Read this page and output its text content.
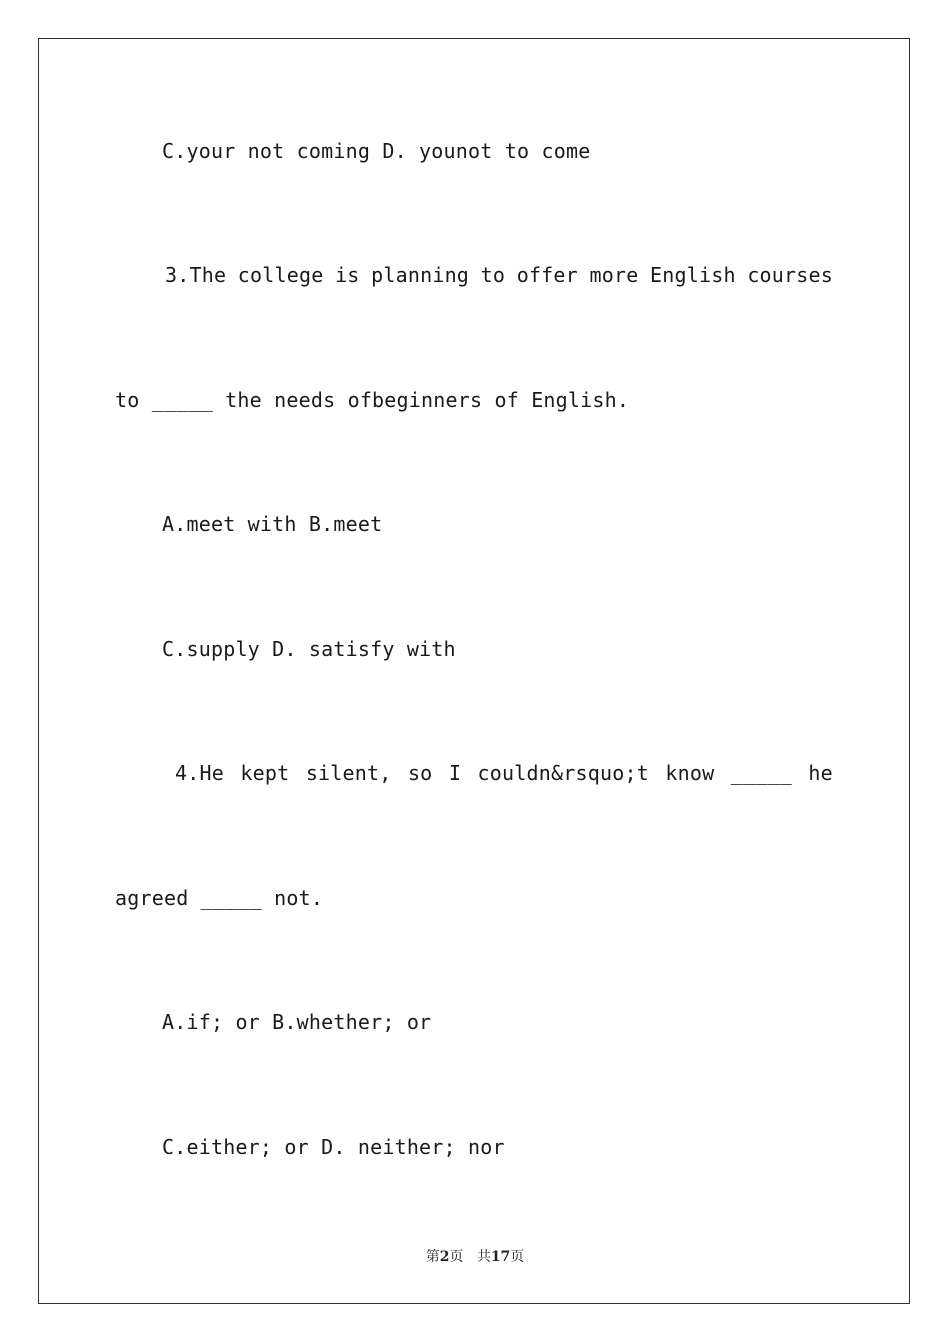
C.your not coming D. younot to come
3.The college is planning to offer more English courses
to _____ the needs ofbeginners of English.
A.meet with B.meet
C.supply D. satisfy with
4.He kept silent, so I couldn&rsquo;t know _____ he
agreed _____ not.
A.if; or B.whether; or
C.either; or D. neither; nor
第2页 共17页
